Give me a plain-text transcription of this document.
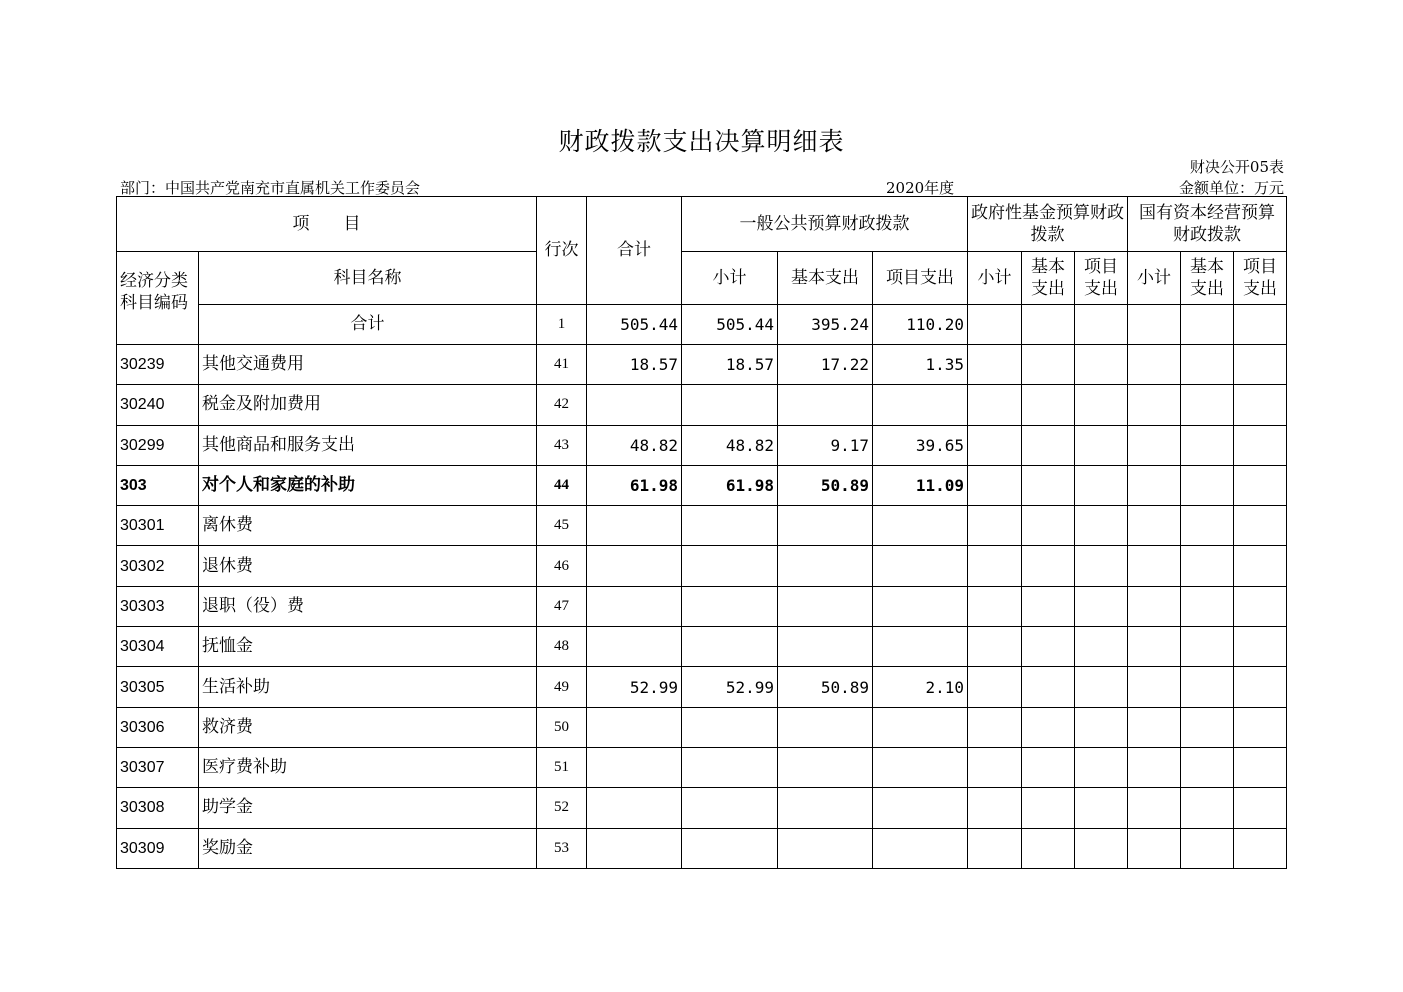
财政拨款支出决算明细表
财决公开05表
部门：中国共产党南充市直属机关工作委员会	2020年度	金额单位：万元
项　　目		行次	合计	一般公共预算财政拨款			政府性基金预算财政拨款			国有资本经营预算财政拨款		
经济分类科目编码	科目名称			小计	基本支出	项目支出	小计	基本支出	项目支出	小计	基本支出	项目支出
	合计	1	505.44	505.44	395.24	110.20						
30239	其他交通费用	41	18.57	18.57	17.22	1.35						
30240	税金及附加费用	42										
30299	其他商品和服务支出	43	48.82	48.82	9.17	39.65						
303	对个人和家庭的补助	44	61.98	61.98	50.89	11.09						
30301	离休费	45										
30302	退休费	46										
30303	退职（役）费	47										
30304	抚恤金	48										
30305	生活补助	49	52.99	52.99	50.89	2.10						
30306	救济费	50										
30307	医疗费补助	51										
30308	助学金	52										
30309	奖励金	53										
